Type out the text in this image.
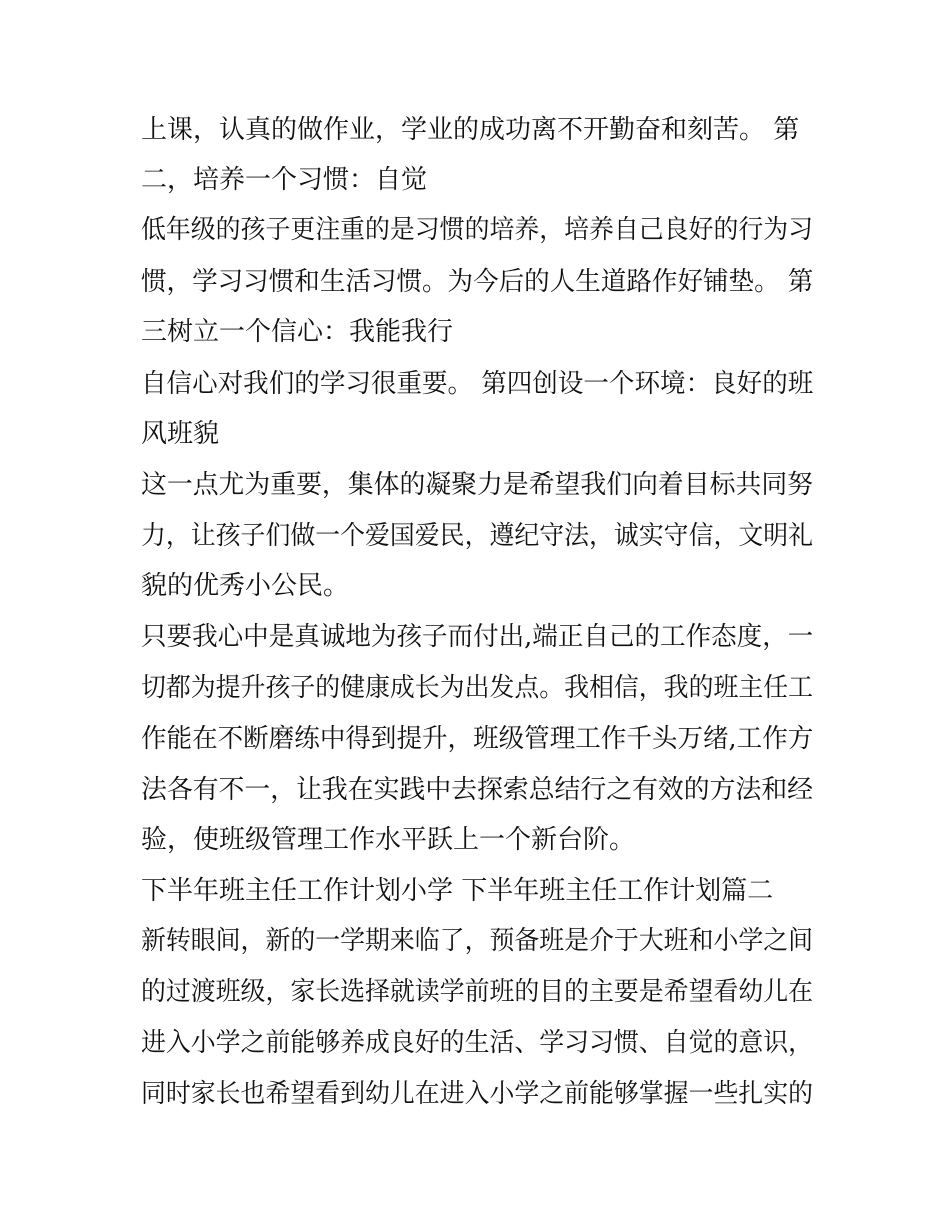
上课，认真的做作业，学业的成功离不开勤奋和刻苦。 第
二，培养一个习惯：自觉
低年级的孩子更注重的是习惯的培养，培养自己良好的行为习
惯，学习习惯和生活习惯。为今后的人生道路作好铺垫。 第
三树立一个信心：我能我行
自信心对我们的学习很重要。 第四创设一个环境：良好的班
风班貌
这一点尤为重要，集体的凝聚力是希望我们向着目标共同努
力，让孩子们做一个爱国爱民，遵纪守法，诚实守信，文明礼
貌的优秀小公民。
只要我心中是真诚地为孩子而付出,端正自己的工作态度，一
切都为提升孩子的健康成长为出发点。我相信，我的班主任工
作能在不断磨练中得到提升，班级管理工作千头万绪,工作方
法各有不一，让我在实践中去探索总结行之有效的方法和经
验，使班级管理工作水平跃上一个新台阶。
下半年班主任工作计划小学 下半年班主任工作计划篇二
新转眼间，新的一学期来临了，预备班是介于大班和小学之间
的过渡班级，家长选择就读学前班的目的主要是希望看幼儿在
进入小学之前能够养成良好的生活、学习习惯、自觉的意识，
同时家长也希望看到幼儿在进入小学之前能够掌握一些扎实的
